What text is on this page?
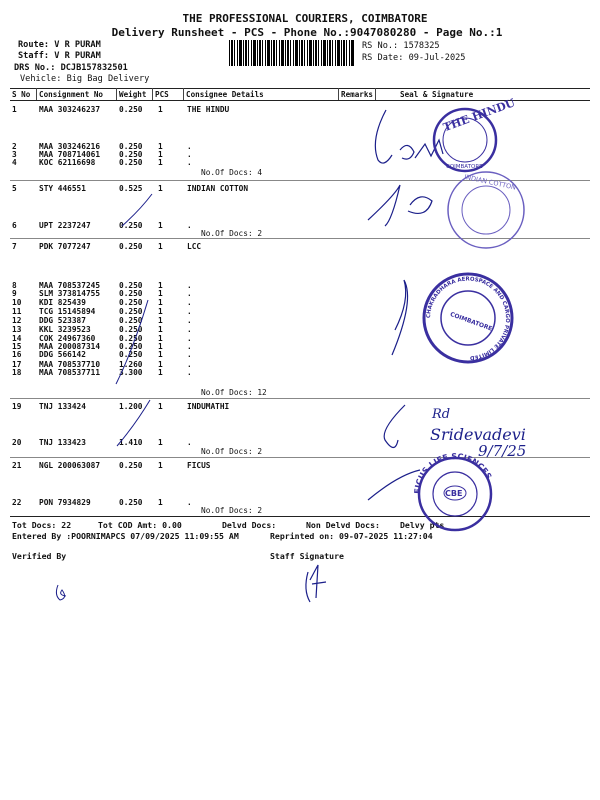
THE PROFESSIONAL COURIERS, COIMBATORE
Delivery Runsheet - PCS - Phone No.:9047080280 - Page No.:1
Route: V R PURAM
Staff: V R PURAM
DRS No.: DCJB157832501
Vehicle: Big Bag Delivery
RS No.: 1578325
RS Date: 09-Jul-2025
S No Consignment No Weight PCS Consignee Details	Remarks	Seal & Signature
1	MAA 303246237 0.250 1	THE HINDU
2	MAA 303246216 0.250 1	.
3	MAA 708714061 0.250 1	.
4	KOC 62116698	0.250 1	.
5	STY 446551	0.525 1	INDIAN COTTON
6	UPT 2237247	0.250 1	.
7	PDK 7077247	0.250 1	LCC
8	MAA 708537245 0.250 1	.
9	SLM 373814755 0.250 1	.
10 KDI 825439	0.250 1	.
11 TCG 15145894	0.250 1	.
12 DDG 523387	0.250 1	.
13 KKL 3239523	0.250 1	.
14 COK 24967360	0.250 1	.
15 MAA 200087314 0.250 1	.
16 DDG 566142	0.250 1	.
17 MAA 708537710 1.260 1	.
18 MAA 708537711 3.300 1	.
19 TNJ 133424	1.200 1	INDUMATHI
20 TNJ 133423	1.410 1	.
21 NGL 200063087 0.250 1	FICUS
22 PON 7934829	0.250 1	.
No.Of Docs: 4
No.Of Docs: 2
No.Of Docs: 12
No.Of Docs: 2
No.Of Docs: 2
Tot Docs: 22	Tot COD Amt: 0.00	Delvd Docs:	Non Delvd Docs: Delvy pts
Entered By :POORNIMAPCS 07/09/2025 11:09:55 AM	Reprinted on: 09-07-2025 11:27:04
Verified By	Staff Signature
THE HINDU
COIMBATORE
INDIAN COTTON
CHAKRADHARA AEROSPACE AND CARGO PRIVATE LIMITED
COIMBATORE
Rd
Sridevadevi
9/7/25
FICUS LIFE SCIENCES
CBE
